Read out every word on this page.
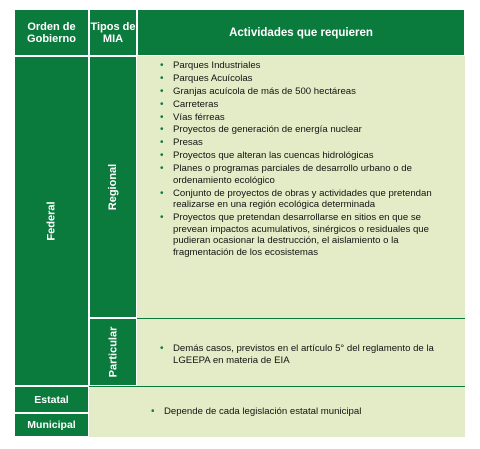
Orden de Gobierno
Tipos de MIA	Actividades que requieren
Federal
Regional
• Parques Industriales
• Parques Acuícolas
• Granjas acuícola de más de 500 hectáreas
• Carreteras
• Vías férreas
• Proyectos de generación de energía nuclear
• Presas
• Proyectos que alteran las cuencas hidrológicas
• Planes o programas parciales de desarrollo urbano o de ordenamiento ecológico
• Conjunto de proyectos de obras y actividades que pretendan realizarse en una región ecológica determinada
• Proyectos que pretendan desarrollarse en sitios en que se prevean impactos acumulativos, sinérgicos o residuales que pudieran ocasionar la destrucción, el aislamiento o la fragmentación de los ecosistemas
Particular
•	Demás casos, previstos en el artículo 5° del reglamento de la LGEEPA en materia de EIA
Estatal
Municipal
• Depende de cada legislación estatal municipal
